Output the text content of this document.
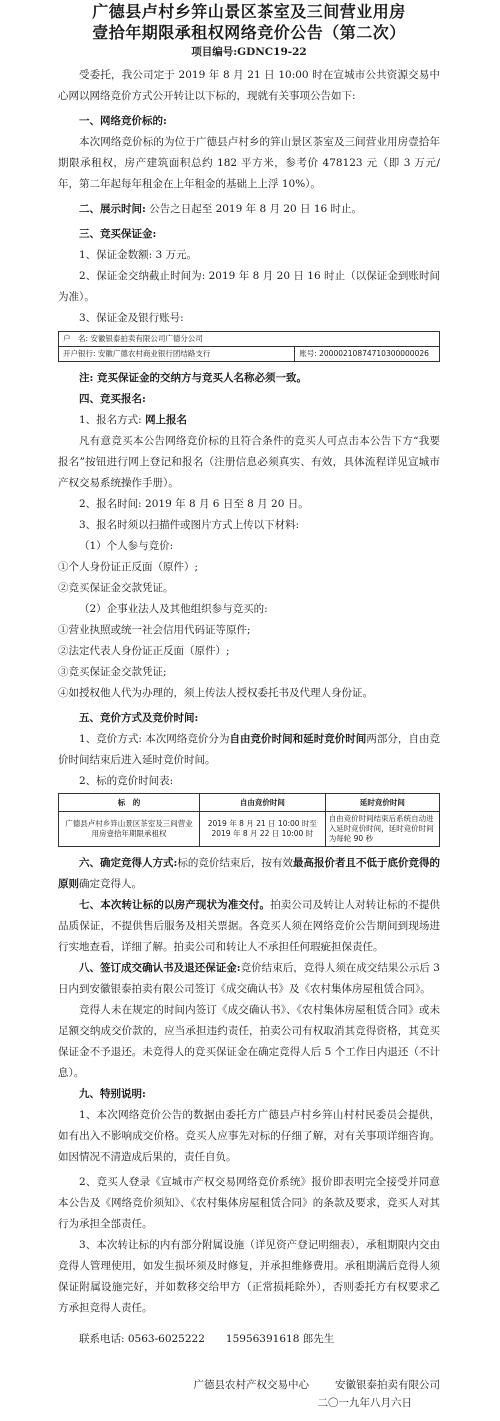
广德县卢村乡笄山景区茶室及三间营业用房
壹拾年期限承租权网络竞价公告（第二次）
项目编号:GDNC19-22

受委托，我公司定于 2019 年 8 月 21 日 10:00 时在宣城市公共资源交易中心网以网络竞价方式公开转让以下标的，现就有关事项公告如下:

一、网络竞价标的:

本次网络竞价标的为位于广德县卢村乡的笄山景区茶室及三间营业用房壹拾年期限承租权，房产建筑面积总约 182 平方米，参考价 478123 元（即 3 万元/年，第二年起每年租金在上年租金的基础上上浮 10%）。

二、展示时间: 公告之日起至 2019 年 8 月 20 日 16 时止。

三、竞买保证金:

1、保证金数额: 3 万元。

2、保证金交纳截止时间为: 2019 年 8 月 20 日 16 时止（以保证金到账时间为准）。

3、保证金及银行账号:

户　名: 安徽银泰拍卖有限公司广德分公司
开户银行: 安徽广德农村商业银行团结路支行	账号: 20000210874710300000026

注: 竞买保证金的交纳方与竞买人名称必须一致。

四、竞买报名:

1、报名方式: 网上报名

凡有意竞买本公告网络竞价标的且符合条件的竞买人可点击本公告下方“我要报名”按钮进行网上登记和报名（注册信息必须真实、有效，具体流程详见宣城市产权交易系统操作手册）。

2、报名时间: 2019 年 8 月 6 日至 8 月 20 日。

3、报名时须以扫描件或图片方式上传以下材料:

（1）个人参与竞价:

①个人身份证正反面（原件）;

②竞买保证金交款凭证。

（2）企事业法人及其他组织参与竞买的:

①营业执照或统一社会信用代码证等原件;

②法定代表人身份证正反面（原件）;

③竞买保证金交款凭证;

④如授权他人代为办理的，须上传法人授权委托书及代理人身份证。

五、竞价方式及竞价时间:

1、竞价方式: 本次网络竞价分为自由竞价时间和延时竞价时间两部分，自由竞价时间结束后进入延时竞价时间。

2、标的竞价时间表:

标　的	自由竞价时间	延时竞价时间
广德县卢村乡笄山景区茶室及三间营业用房壹拾年期限承租权	2019 年 8 月 21 日 10:00 时至 2019 年 8 月 22 日 10:00 时	自由竞价时间结束后系统自动进入延时竞价时间，延时竞价时间为每轮 90 秒

六、确定竞得人方式:标的竞价结束后，按有效最高报价者且不低于底价竞得的原则确定竞得人。

七、本次转让标的以房产现状为准交付。拍卖公司及转让人对转让标的不提供品质保证，不提供售后服务及相关票据。各竞买人须在网络竞价公告期间到现场进行实地查看，详细了解。拍卖公司和转让人不承担任何瑕疵担保责任。

八、签订成交确认书及退还保证金:竞价结束后，竞得人须在成交结果公示后 3 日内到安徽银泰拍卖有限公司签订《成交确认书》及《农村集体房屋租赁合同》。

竞得人未在规定的时间内签订《成交确认书》、《农村集体房屋租赁合同》或未足额交纳成交价款的，应当承担违约责任，拍卖公司有权取消其竞得资格，其竞买保证金不予退还。未竞得人的竞买保证金在确定竞得人后 5 个工作日内退还（不计息）。

九、特别说明:

1、本次网络竞价公告的数据由委托方广德县卢村乡笄山村村民委员会提供，如有出入不影响成交价格。竞买人应事先对标的仔细了解，对有关事项详细咨询。如因情况不清造成后果的，责任自负。

2、竞买人登录《宣城市产权交易网络竞价系统》报价即表明完全接受并同意本公告及《网络竞价须知》、《农村集体房屋租赁合同》的条款及要求，竞买人对其行为承担全部责任。

3、本次转让标的内有部分附属设施（详见资产登记明细表），承租期限内交由竞得人管理使用，如发生损坏须及时修复，并承担维修费用。承租期满后竞得人须保证附属设施完好，并如数移交给甲方（正常损耗除外），否则委托方有权要求乙方承担竞得人责任。

联系电话: 0563-6025222　　15956391618 郎先生

广德县农村产权交易中心 安徽银泰拍卖有限公司
二〇一九年八月六日
